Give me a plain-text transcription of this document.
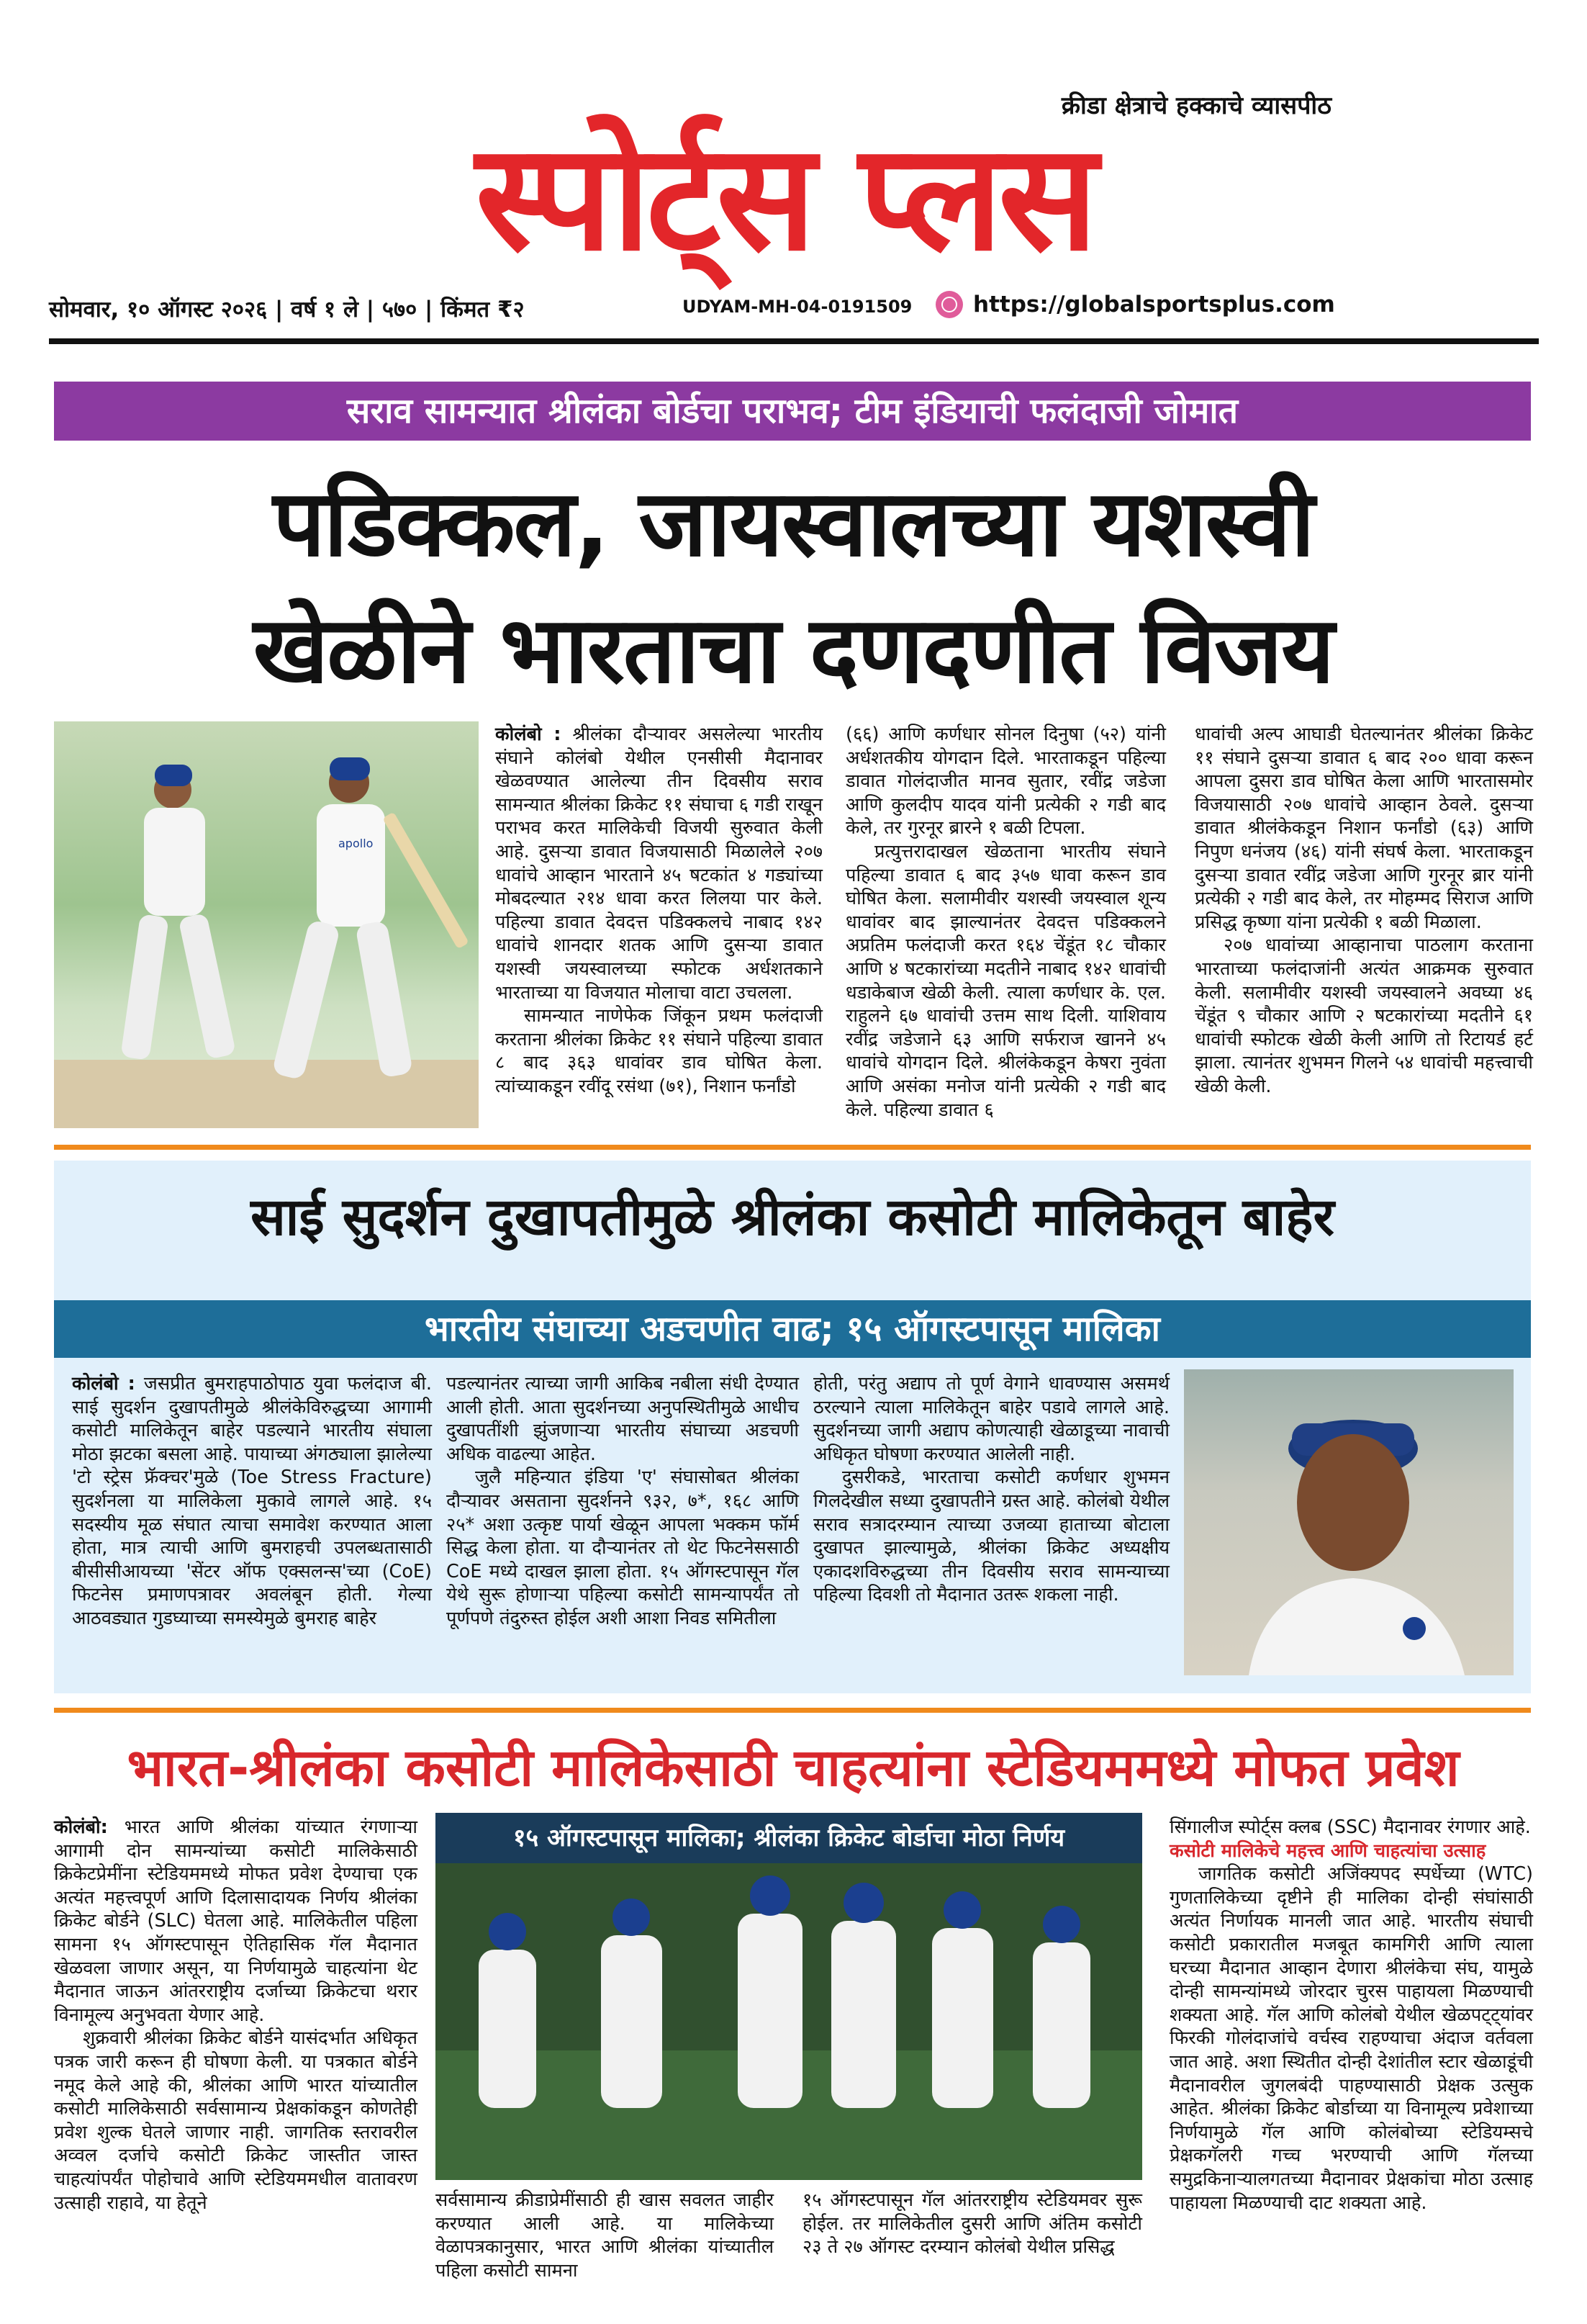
क्रीडा क्षेत्राचे हक्काचे व्यासपीठ
स्पोर्ट्स प्लस
सोमवार, १० ऑगस्ट २०२६ | वर्ष १ ले | ५७० | किंमत ₹२	UDYAM-MH-04-0191509	https://globalsportsplus.com
सराव सामन्यात श्रीलंका बोर्डचा पराभव; टीम इंडियाची फलंदाजी जोमात
पडिक्कल, जायस्वालच्या यशस्वी
खेळीने भारताचा दणदणीत विजय
apollo

कोलंबो : श्रीलंका दौऱ्यावर असलेल्या भारतीय संघाने कोलंबो येथील एनसीसी मैदानावर खेळवण्यात आलेल्या तीन दिवसीय सराव सामन्यात श्रीलंका क्रिकेट ११ संघाचा ६ गडी राखून पराभव करत मालिकेची विजयी सुरुवात केली आहे. दुसऱ्या डावात विजयासाठी मिळालेले २०७ धावांचे आव्हान भारताने ४५ षटकांत ४ गड्यांच्या मोबदल्यात २१४ धावा करत लिलया पार केले. पहिल्या डावात देवदत्त पडिक्कलचे नाबाद १४२ धावांचे शानदार शतक आणि दुसऱ्या डावात यशस्वी जयस्वालच्या स्फोटक अर्धशतकाने भारताच्या या विजयात मोलाचा वाटा उचलला.

सामन्यात नाणेफेक जिंकून प्रथम फलंदाजी करताना श्रीलंका क्रिकेट ११ संघाने पहिल्या डावात ८ बाद ३६३ धावांवर डाव घोषित केला. त्यांच्याकडून रवींदू रसंथा (७१), निशान फर्नांडो

(६६) आणि कर्णधार सोनल दिनुषा (५२) यांनी अर्धशतकीय योगदान दिले. भारताकडून पहिल्या डावात गोलंदाजीत मानव सुतार, रवींद्र जडेजा आणि कुलदीप यादव यांनी प्रत्येकी २ गडी बाद केले, तर गुरनूर ब्रारने १ बळी टिपला.

प्रत्युत्तरादाखल खेळताना भारतीय संघाने पहिल्या डावात ६ बाद ३५७ धावा करून डाव घोषित केला. सलामीवीर यशस्वी जयस्वाल शून्य धावांवर बाद झाल्यानंतर देवदत्त पडिक्कलने अप्रतिम फलंदाजी करत १६४ चेंडूंत १८ चौकार आणि ४ षटकारांच्या मदतीने नाबाद १४२ धावांची धडाकेबाज खेळी केली. त्याला कर्णधार के. एल. राहुलने ६७ धावांची उत्तम साथ दिली. याशिवाय रवींद्र जडेजाने ६३ आणि सर्फराज खानने ४५ धावांचे योगदान दिले. श्रीलंकेकडून केषरा नुवंता आणि असंका मनोज यांनी प्रत्येकी २ गडी बाद केले. पहिल्या डावात ६

धावांची अल्प आघाडी घेतल्यानंतर श्रीलंका क्रिकेट ११ संघाने दुसऱ्या डावात ६ बाद २०० धावा करून आपला दुसरा डाव घोषित केला आणि भारतासमोर विजयासाठी २०७ धावांचे आव्हान ठेवले. दुसऱ्या डावात श्रीलंकेकडून निशान फर्नांडो (६३) आणि निपुण धनंजय (४६) यांनी संघर्ष केला. भारताकडून दुसऱ्या डावात रवींद्र जडेजा आणि गुरनूर ब्रार यांनी प्रत्येकी २ गडी बाद केले, तर मोहम्मद सिराज आणि प्रसिद्ध कृष्णा यांना प्रत्येकी १ बळी मिळाला.

२०७ धावांच्या आव्हानाचा पाठलाग करताना भारताच्या फलंदाजांनी अत्यंत आक्रमक सुरुवात केली. सलामीवीर यशस्वी जयस्वालने अवघ्या ४६ चेंडूंत ९ चौकार आणि २ षटकारांच्या मदतीने ६१ धावांची स्फोटक खेळी केली आणि तो रिटायर्ड हर्ट झाला. त्यानंतर शुभमन गिलने ५४ धावांची महत्त्वाची खेळी केली.

साई सुदर्शन दुखापतीमुळे श्रीलंका कसोटी मालिकेतून बाहेर
भारतीय संघाच्या अडचणीत वाढ; १५ ऑगस्टपासून मालिका

कोलंबो : जसप्रीत बुमराहपाठोपाठ युवा फलंदाज बी. साई सुदर्शन दुखापतीमुळे श्रीलंकेविरुद्धच्या आगामी कसोटी मालिकेतून बाहेर पडल्याने भारतीय संघाला मोठा झटका बसला आहे. पायाच्या अंगठ्याला झालेल्या 'टो स्ट्रेस फ्रॅक्चर'मुळे (Toe Stress Fracture) सुदर्शनला या मालिकेला मुकावे लागले आहे. १५ सदस्यीय मूळ संघात त्याचा समावेश करण्यात आला होता, मात्र त्याची आणि बुमराहची उपलब्धतासाठी बीसीसीआयच्या 'सेंटर ऑफ एक्सलन्स'च्या (CoE) फिटनेस प्रमाणपत्रावर अवलंबून होती. गेल्या आठवड्यात गुडघ्याच्या समस्येमुळे बुमराह बाहेर

पडल्यानंतर त्याच्या जागी आकिब नबीला संधी देण्यात आली होती. आता सुदर्शनच्या अनुपस्थितीमुळे आधीच दुखापतींशी झुंजणाऱ्या भारतीय संघाच्या अडचणी अधिक वाढल्या आहेत.

जुलै महिन्यात इंडिया 'ए' संघासोबत श्रीलंका दौऱ्यावर असताना सुदर्शनने ९३२, ७*, १६८ आणि २५* अशा उत्कृष्ट पार्या खेळून आपला भक्कम फॉर्म सिद्ध केला होता. या दौऱ्यानंतर तो थेट फिटनेससाठी CoE मध्ये दाखल झाला होता. १५ ऑगस्टपासून गॅल येथे सुरू होणाऱ्या पहिल्या कसोटी सामन्यापर्यंत तो पूर्णपणे तंदुरुस्त होईल अशी आशा निवड समितीला

होती, परंतु अद्याप तो पूर्ण वेगाने धावण्यास असमर्थ ठरल्याने त्याला मालिकेतून बाहेर पडावे लागले आहे. सुदर्शनच्या जागी अद्याप कोणत्याही खेळाडूच्या नावाची अधिकृत घोषणा करण्यात आलेली नाही.

दुसरीकडे, भारताचा कसोटी कर्णधार शुभमन गिलदेखील सध्या दुखापतीने ग्रस्त आहे. कोलंबो येथील सराव सत्रादरम्यान त्याच्या उजव्या हाताच्या बोटाला दुखापत झाल्यामुळे, श्रीलंका क्रिकेट अध्यक्षीय एकादशविरुद्धच्या तीन दिवसीय सराव सामन्याच्या पहिल्या दिवशी तो मैदानात उतरू शकला नाही.

भारत-श्रीलंका कसोटी मालिकेसाठी चाहत्यांना स्टेडियममध्ये मोफत प्रवेश

कोलंबो: भारत आणि श्रीलंका यांच्यात रंगणाऱ्या आगामी दोन सामन्यांच्या कसोटी मालिकेसाठी क्रिकेटप्रेमींना स्टेडियममध्ये मोफत प्रवेश देण्याचा एक अत्यंत महत्त्वपूर्ण आणि दिलासादायक निर्णय श्रीलंका क्रिकेट बोर्डने (SLC) घेतला आहे. मालिकेतील पहिला सामना १५ ऑगस्टपासून ऐतिहासिक गॅल मैदानात खेळवला जाणार असून, या निर्णयामुळे चाहत्यांना थेट मैदानात जाऊन आंतरराष्ट्रीय दर्जाच्या क्रिकेटचा थरार विनामूल्य अनुभवता येणार आहे.

शुक्रवारी श्रीलंका क्रिकेट बोर्डने यासंदर्भात अधिकृत पत्रक जारी करून ही घोषणा केली. या पत्रकात बोर्डने नमूद केले आहे की, श्रीलंका आणि भारत यांच्यातील कसोटी मालिकेसाठी सर्वसामान्य प्रेक्षकांकडून कोणतेही प्रवेश शुल्क घेतले जाणार नाही. जागतिक स्तरावरील अव्वल दर्जाचे कसोटी क्रिकेट जास्तीत जास्त चाहत्यांपर्यंत पोहोचावे आणि स्टेडियममधील वातावरण उत्साही राहावे, या हेतूने

१५ ऑगस्टपासून मालिका; श्रीलंका क्रिकेट बोर्डाचा मोठा निर्णय

सर्वसामान्य क्रीडाप्रेमींसाठी ही खास सवलत जाहीर करण्यात आली आहे. या मालिकेच्या वेळापत्रकानुसार, भारत आणि श्रीलंका यांच्यातील पहिला कसोटी सामना

१५ ऑगस्टपासून गॅल आंतरराष्ट्रीय स्टेडियमवर सुरू होईल. तर मालिकेतील दुसरी आणि अंतिम कसोटी २३ ते २७ ऑगस्ट दरम्यान कोलंबो येथील प्रसिद्ध

सिंगालीज स्पोर्ट्स क्लब (SSC) मैदानावर रंगणार आहे.

कसोटी मालिकेचे महत्त्व आणि चाहत्यांचा उत्साह

जागतिक कसोटी अजिंक्यपद स्पर्धेच्या (WTC) गुणतालिकेच्या दृष्टीने ही मालिका दोन्ही संघांसाठी अत्यंत निर्णायक मानली जात आहे. भारतीय संघाची कसोटी प्रकारातील मजबूत कामगिरी आणि त्याला घरच्या मैदानात आव्हान देणारा श्रीलंकेचा संघ, यामुळे दोन्ही सामन्यांमध्ये जोरदार चुरस पाहायला मिळण्याची शक्यता आहे. गॅल आणि कोलंबो येथील खेळपट्ट्यांवर फिरकी गोलंदाजांचे वर्चस्व राहण्याचा अंदाज वर्तवला जात आहे. अशा स्थितीत दोन्ही देशांतील स्टार खेळाडूंची मैदानावरील जुगलबंदी पाहण्यासाठी प्रेक्षक उत्सुक आहेत. श्रीलंका क्रिकेट बोर्डाच्या या विनामूल्य प्रवेशाच्या निर्णयामुळे गॅल आणि कोलंबोच्या स्टेडियम्सचे प्रेक्षकगॅलरी गच्च भरण्याची आणि गॅलच्या समुद्रकिनाऱ्यालगतच्या मैदानावर प्रेक्षकांचा मोठा उत्साह पाहायला मिळण्याची दाट शक्यता आहे.
